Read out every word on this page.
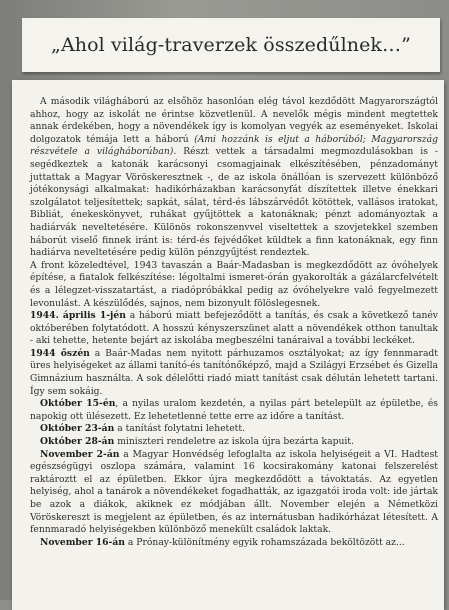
„Ahol világ-traverzek összedűlnek…”

A második világháború az elsőhöz hasonlóan elég távol kezdődött Magyarországtól ahhoz, hogy az iskolát ne érintse közvetlenül. A nevelők mégis mindent megtettek annak érdekében, hogy a növendékek így is komolyan vegyék az eseményeket. Iskolai dolgozatok témája lett a háború (Ami hozzánk is eljut a háborúból; Magyarország részvétele a világháborúban). Részt vettek a társadalmi megmozdulásokban is - segédkeztek a katonák karácsonyi csomagjainak elkészítésében, pénzadományt juttattak a Magyar Vöröskeresztnek -, de az iskola önállóan is szervezett különböző jótékonysági alkalmakat: hadikórházakban karácsonyfát díszítettek illetve énekkari szolgálatot teljesítettek; sapkát, sálat, térd-és lábszárvédőt kötöttek, vallásos iratokat, Bibliát, énekeskönyvet, ruhákat gyűjtöttek a katonáknak; pénzt adományoztak a hadiárvák neveltetésére. Különös rokonszenvvel viseltettek a szovjetekkel szemben háborút viselő finnek iránt is: térd-és fejvédőket küldtek a finn katonáknak, egy finn hadiárva neveltetésére pedig külön pénzgyűjtést rendeztek.

A front közeledtével, 1943 tavaszán a Baár-Madasban is megkezdődött az óvóhelyek építése, a fiatalok felkészítése: légoltalmi ismeret-órán gyakorolták a gázálarcfelvételt és a lélegzet-visszatartást, a riadópróbákkal pedig az óvóhelyekre való fegyelmezett levonulást. A készülődés, sajnos, nem bizonyult fölöslegesnek.

1944. április 1-jén a háború miatt befejeződött a tanítás, és csak a következő tanév októberében folytatódott. A hosszú kényszerszünet alatt a növendékek otthon tanultak - aki tehette, hetente bejárt az iskolába megbeszélni tanáraival a további leckéket.

1944 őszén a Baár-Madas nem nyitott párhuzamos osztályokat; az így fennmaradt üres helyiségeket az állami tanító-és tanítónőképző, majd a Szilágyi Erzsébet és Gizella Gimnázium használta. A sok délelőtti riadó miatt tanítást csak délután lehetett tartani. Így sem sokáig.

Október 15-én, a nyilas uralom kezdetén, a nyilas párt betelepült az épületbe, és napokig ott ülésezett. Ez lehetetlenné tette erre az időre a tanítást.

Október 23-án a tanítást folytatni lehetett.

Október 28-án miniszteri rendeletre az iskola újra bezárta kapuit.

November 2-án a Magyar Honvédség lefoglalta az iskola helyiségeit a VI. Hadtest egészségügyi oszlopa számára, valamint 16 kocsirakomány katonai felszerelést raktároztt el az épületben. Ekkor újra megkezdődött a távoktatás. Az egyetlen helyiség, ahol a tanárok a növendékeket fogadhatták, az igazgatói iroda volt: ide jártak be azok a diákok, akiknek ez módjában állt. November elején a Németközi Vöröskereszt is megjelent az épületben, és az internátusban hadikórházat létesített. A fennmaradó helyiségekben különböző menekült családok laktak.

November 16-án a Prónay-különítmény egyik rohamszázada beköltözött az...
